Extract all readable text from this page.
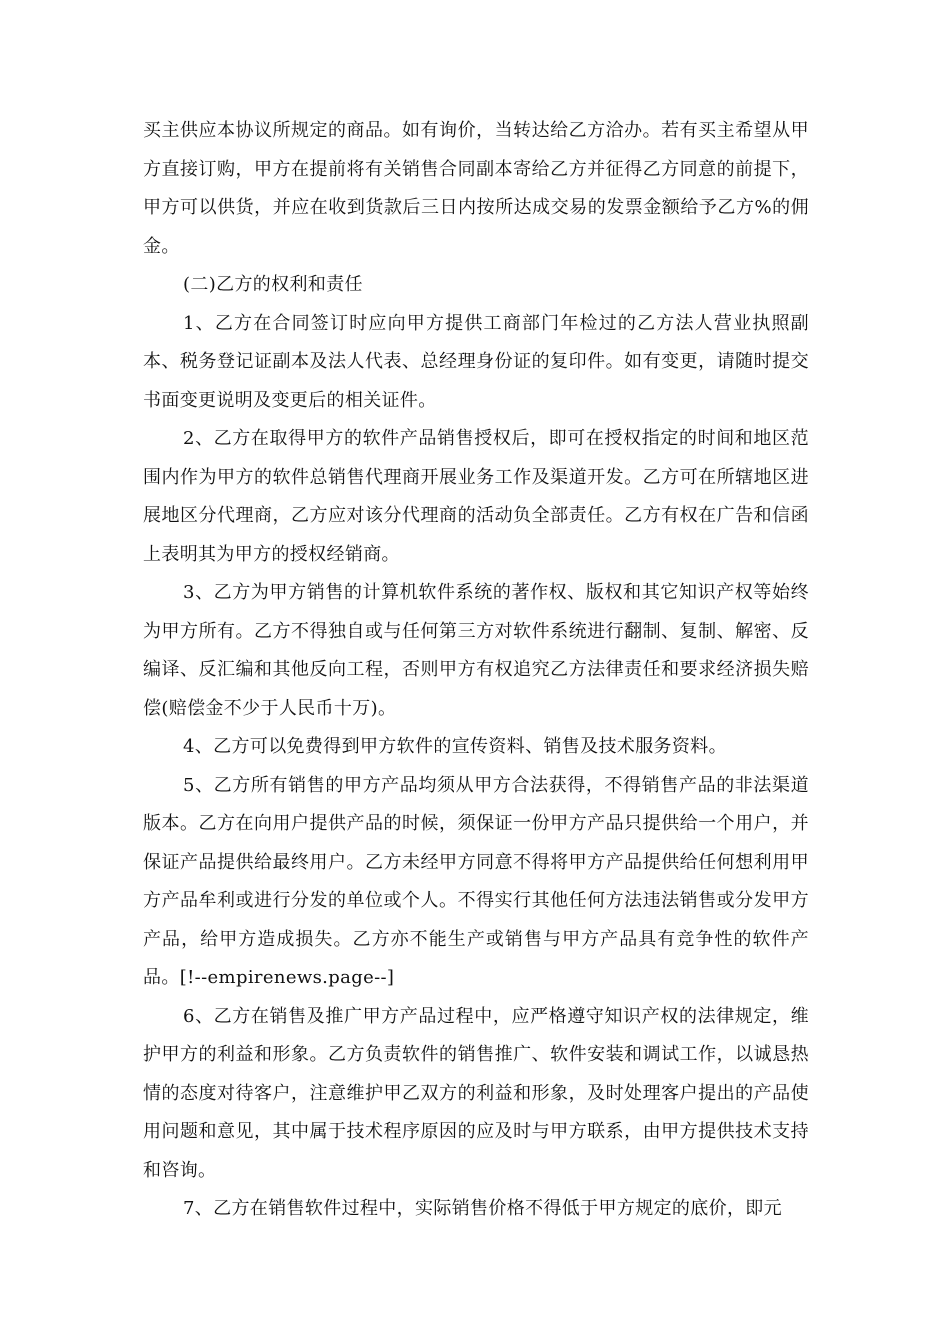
买主供应本协议所规定的商品。如有询价，当转达给乙方洽办。若有买主希望从甲方直接订购，甲方在提前将有关销售合同副本寄给乙方并征得乙方同意的前提下，甲方可以供货，并应在收到货款后三日内按所达成交易的发票金额给予乙方%的佣金。

(二)乙方的权利和责任

1、乙方在合同签订时应向甲方提供工商部门年检过的乙方法人营业执照副本、税务登记证副本及法人代表、总经理身份证的复印件。如有变更，请随时提交书面变更说明及变更后的相关证件。

2、乙方在取得甲方的软件产品销售授权后，即可在授权指定的时间和地区范围内作为甲方的软件总销售代理商开展业务工作及渠道开发。乙方可在所辖地区进展地区分代理商，乙方应对该分代理商的活动负全部责任。乙方有权在广告和信函上表明其为甲方的授权经销商。

3、乙方为甲方销售的计算机软件系统的著作权、版权和其它知识产权等始终为甲方所有。乙方不得独自或与任何第三方对软件系统进行翻制、复制、解密、反编译、反汇编和其他反向工程，否则甲方有权追究乙方法律责任和要求经济损失赔偿(赔偿金不少于人民币十万)。

4、乙方可以免费得到甲方软件的宣传资料、销售及技术服务资料。

5、乙方所有销售的甲方产品均须从甲方合法获得，不得销售产品的非法渠道版本。乙方在向用户提供产品的时候，须保证一份甲方产品只提供给一个用户，并保证产品提供给最终用户。乙方未经甲方同意不得将甲方产品提供给任何想利用甲方产品牟利或进行分发的单位或个人。不得实行其他任何方法违法销售或分发甲方产品，给甲方造成损失。乙方亦不能生产或销售与甲方产品具有竞争性的软件产品。[!--empirenews.page--]

6、乙方在销售及推广甲方产品过程中，应严格遵守知识产权的法律规定，维护甲方的利益和形象。乙方负责软件的销售推广、软件安装和调试工作，以诚恳热情的态度对待客户，注意维护甲乙双方的利益和形象，及时处理客户提出的产品使用问题和意见，其中属于技术程序原因的应及时与甲方联系，由甲方提供技术支持和咨询。

7、乙方在销售软件过程中，实际销售价格不得低于甲方规定的底价，即元
